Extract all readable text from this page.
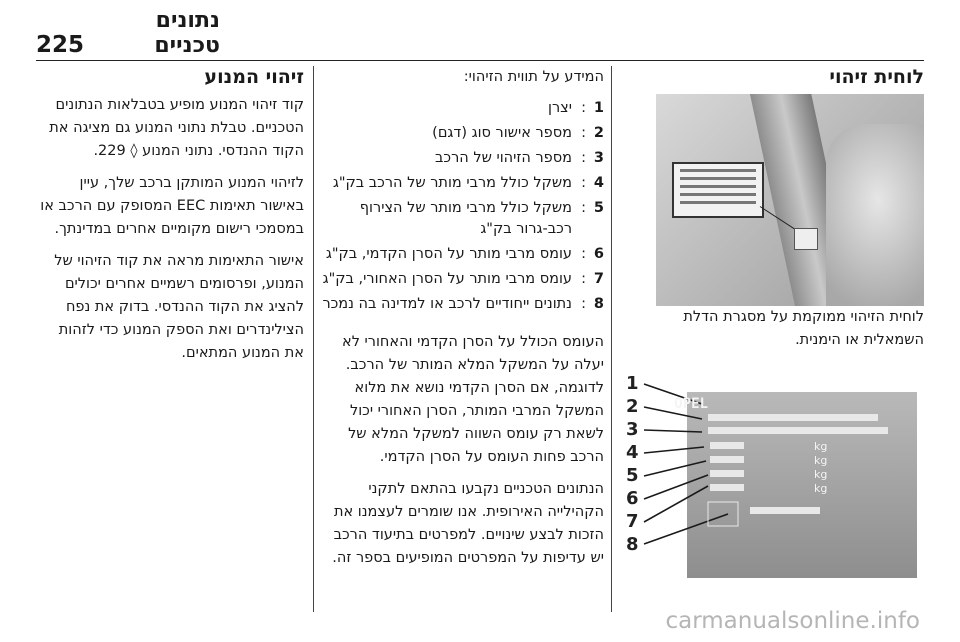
225
נתונים טכניים
לוחית זיהוי

לוחית הזיהוי ממוקמת על מסגרת הדלת השמאלית או הימנית.

OPEL
1
2
3
4
5
6
7
8
kg
kg
kg
kg

המידע על תווית הזיהוי:

1
:
יצרן
2
:
מספר אישור סוג (דגם)
3
:
מספר הזיהוי של הרכב
4
:
משקל כולל מרבי מותר של הרכב בק"ג
5
:
משקל כולל מרבי מותר של הצירוף רכב-גרור בק"ג
6
:
עומס מרבי מותר על הסרן הקדמי, בק"ג
7
:
עומס מרבי מותר על הסרן האחורי, בק"ג
8
:
נתונים ייחודיים לרכב או למדינה בה נמכר

העומס הכולל על הסרן הקדמי והאחורי לא יעלה על המשקל המלא המותר של הרכב. לדוגמה, אם הסרן הקדמי נושא את מלוא המשקל המרבי המותר, הסרן האחורי יכול לשאת רק עומס השווה למשקל המלא של הרכב פחות העומס על הסרן הקדמי.

הנתונים הטכניים נקבעו בהתאם לתקני הקהילייה האירופית. אנו שומרים לעצמנו את הזכות לבצע שינויים. למפרטים בתיעוד הרכב יש עדיפות על המפרטים המופיעים בספר זה.

זיהוי המנוע

קוד זיהוי המנוע מופיע בטבלאות הנתונים הטכניים. טבלת נתוני המנוע גם מציגה את הקוד ההנדסי. נתוני המנוע ◊ 229.

לזיהוי המנוע המותקן ברכב שלך, עיין באישור תאימות EEC המסופק עם הרכב או במסמכי רישום מקומיים אחרים במדינתך.

אישור התאימות מראה את קוד הזיהוי של המנוע, ופרסומים רשמיים אחרים יכולים להציג את הקוד ההנדסי. בדוק את נפח הצילינדרים ואת הספק המנוע כדי לזהות את המנוע המתאים.

carmanualsonline.info
